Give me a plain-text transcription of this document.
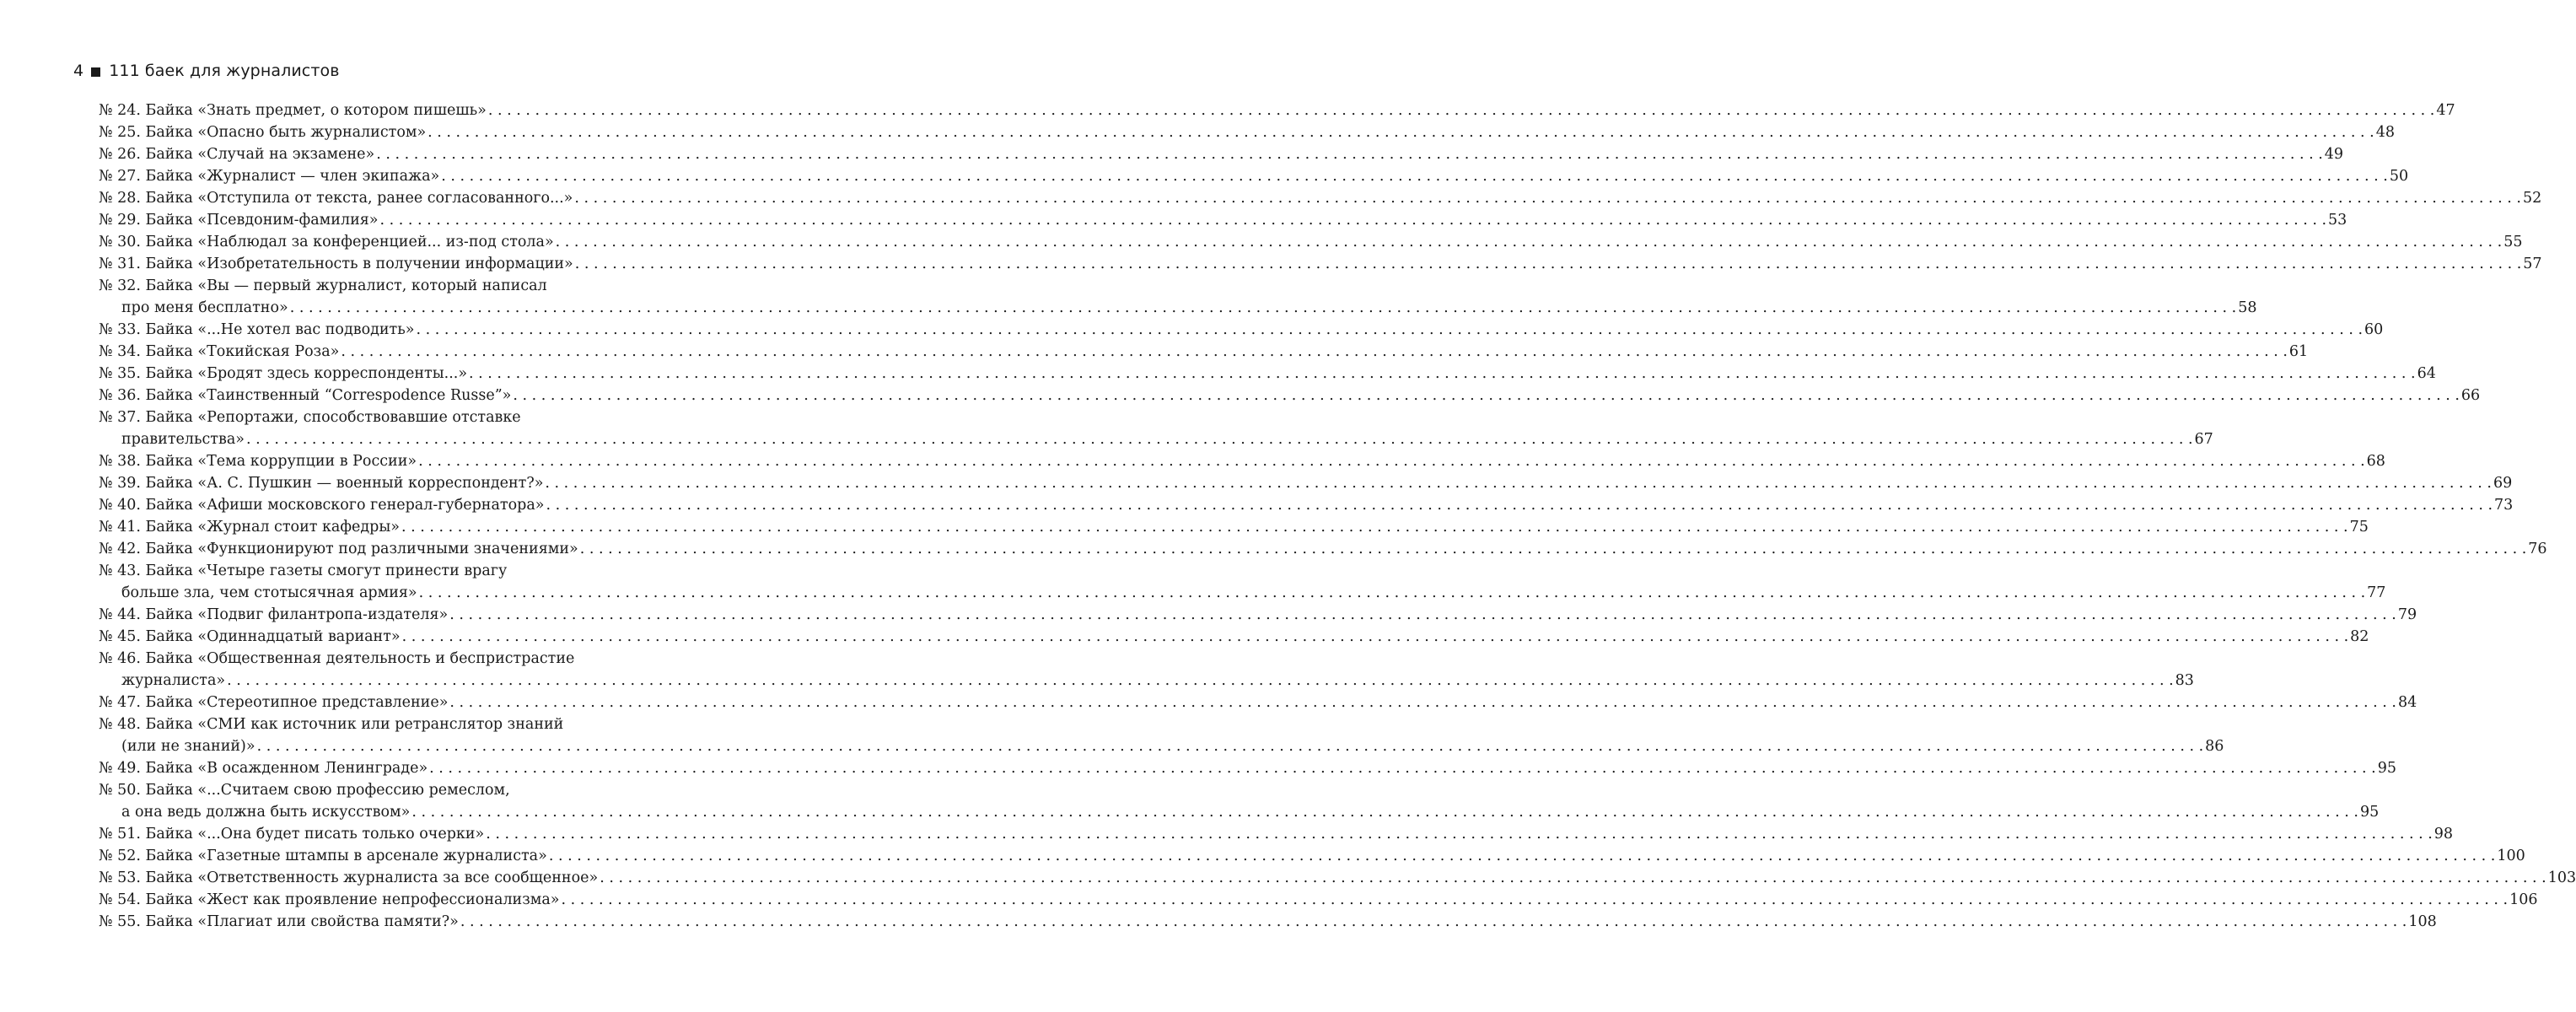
4 111 баек для журналистов
№ 24. Байка «Знать предмет, о котором пишешь» . . .	47
№ 25. Байка «Опасно быть журналистом» . . .	48
№ 26. Байка «Случай на экзамене» . . .	49
№ 27. Байка «Журналист — член экипажа» . . .	50
№ 28. Байка «Отступила от текста, ранее согласованного...» . . .	52
№ 29. Байка «Псевдоним-фамилия» . . .	53
№ 30. Байка «Наблюдал за конференцией... из-под стола» . . .	55
№ 31. Байка «Изобретательность в получении информации» . . .	57
№ 32. Байка «Вы — первый журналист, который написал
про меня бесплатно» . . .	58
№ 33. Байка «...Не хотел вас подводить» . . .	60
№ 34. Байка «Токийская Роза» . . .	61
№ 35. Байка «Бродят здесь корреспонденты...» . . .	64
№ 36. Байка «Таинственный “Correspodence Russe”» . . .	66
№ 37. Байка «Репортажи, способствовавшие отставке
правительства» . . .	67
№ 38. Байка «Тема коррупции в России» . . .	68
№ 39. Байка «А. С. Пушкин — военный корреспондент?» . . .	69
№ 40. Байка «Афиши московского генерал-губернатора» . . .	73
№ 41. Байка «Журнал стоит кафедры» . . .	75
№ 42. Байка «Функционируют под различными значениями» . . .	76
№ 43. Байка «Четыре газеты смогут принести врагу
больше зла, чем стотысячная армия» . . .	77
№ 44. Байка «Подвиг филантропа-издателя» . . .	79
№ 45. Байка «Одиннадцатый вариант» . . .	82
№ 46. Байка «Общественная деятельность и беспристрастие
журналиста» . . .	83
№ 47. Байка «Стереотипное представление» . . .	84
№ 48. Байка «СМИ как источник или ретранслятор знаний
(или не знаний)» . . .	86
№ 49. Байка «В осажденном Ленинграде» . . .	95
№ 50. Байка «...Считаем свою профессию ремеслом,
а она ведь должна быть искусством» . . .	95
№ 51. Байка «...Она будет писать только очерки» . . .	98
№ 52. Байка «Газетные штампы в арсенале журналиста» . . .	100
№ 53. Байка «Ответственность журналиста за все сообщенное» . . .	103
№ 54. Байка «Жест как проявление непрофессионализма» . . .	106
№ 55. Байка «Плагиат или свойства памяти?» . . .	108
